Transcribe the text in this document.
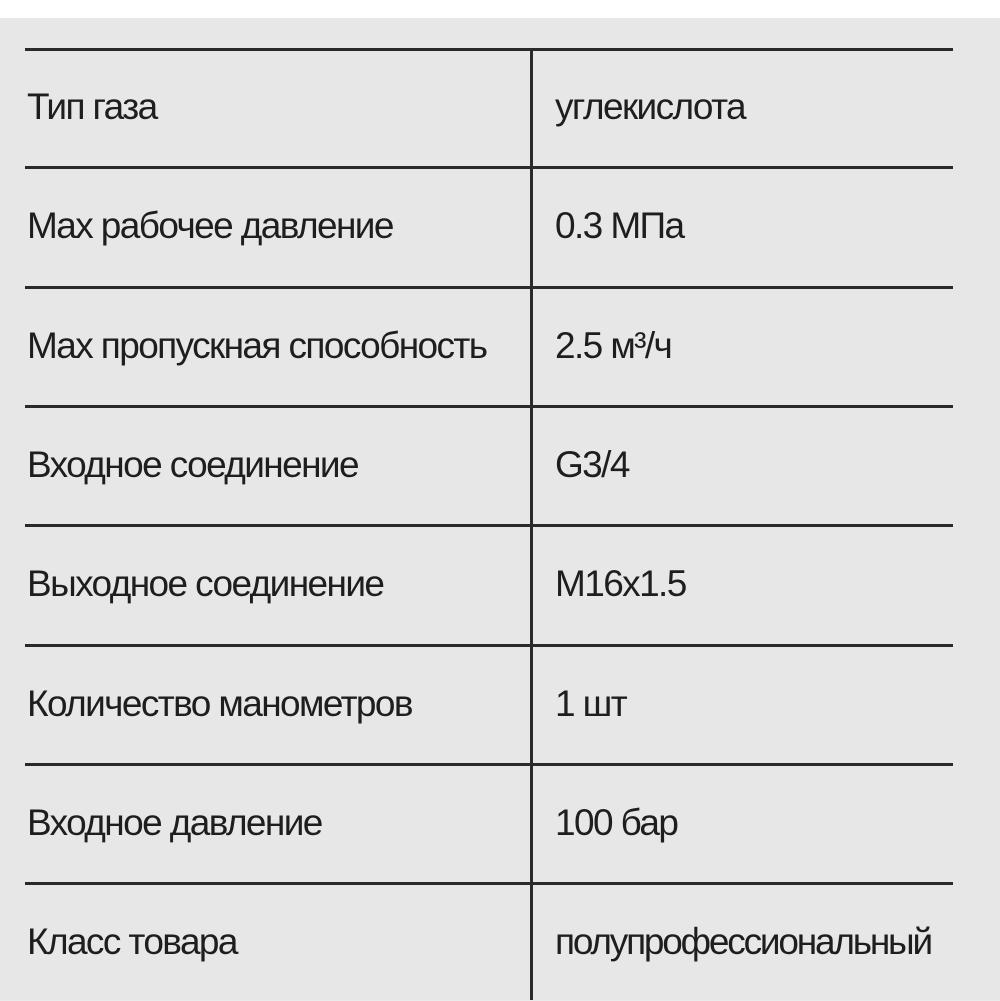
Тип газа	углекислота
Max рабочее давление	0.3 МПа
Max пропускная способность	2.5 м³/ч
Входное соединение	G3/4
Выходное соединение	M16x1.5
Количество манометров	1 шт
Входное давление	100 бар
Класс товара	полупрофессиональный
